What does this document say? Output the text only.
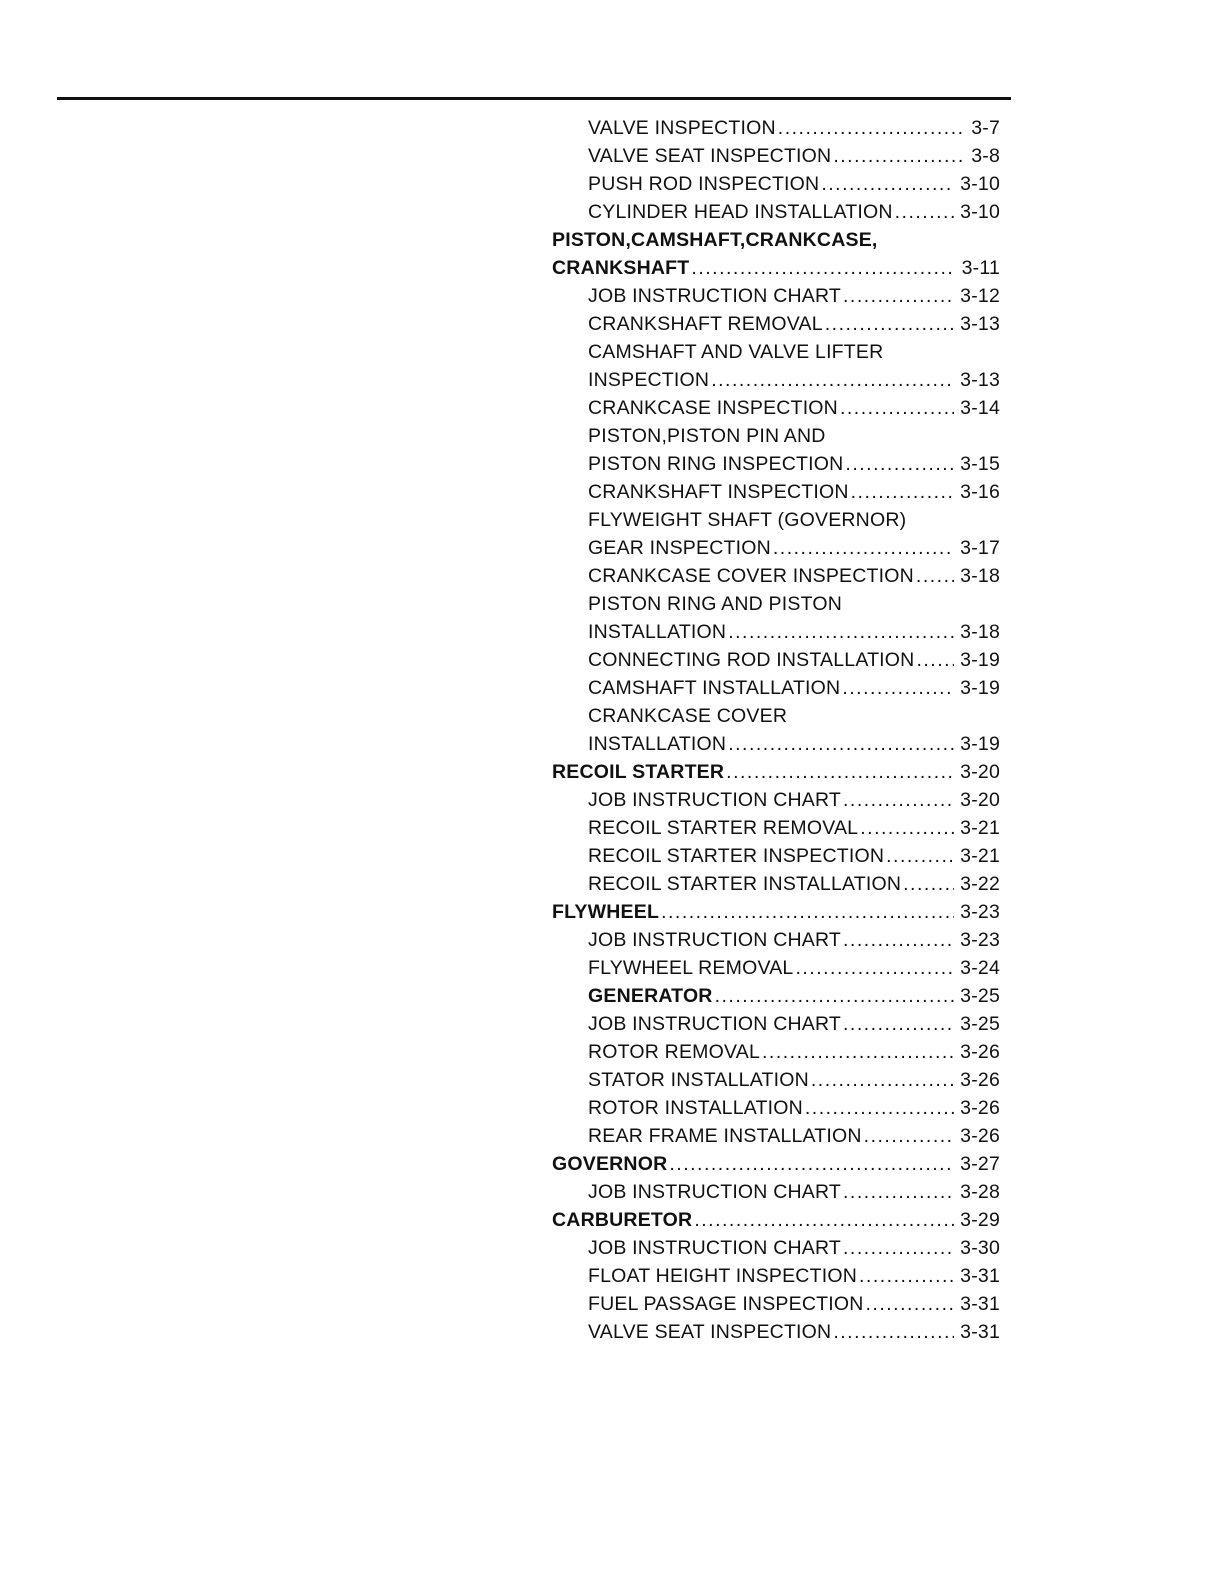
VALVE INSPECTION .....	3-7
VALVE SEAT INSPECTION .....	3-8
PUSH ROD INSPECTION .....	3-10
CYLINDER HEAD INSTALLATION .....	3-10
PISTON,CAMSHAFT,CRANKCASE,
CRANKSHAFT .....	3-11
JOB INSTRUCTION CHART .....	3-12
CRANKSHAFT REMOVAL .....	3-13
CAMSHAFT AND VALVE LIFTER
INSPECTION .....	3-13
CRANKCASE INSPECTION .....	3-14
PISTON,PISTON PIN AND
PISTON RING INSPECTION .....	3-15
CRANKSHAFT INSPECTION .....	3-16
FLYWEIGHT SHAFT (GOVERNOR)
GEAR INSPECTION .....	3-17
CRANKCASE COVER INSPECTION ..... 3-18
PISTON RING AND PISTON
INSTALLATION .....	3-18
CONNECTING ROD INSTALLATION ..... 3-19
CAMSHAFT INSTALLATION .....	3-19
CRANKCASE COVER
INSTALLATION .....	3-19
RECOIL STARTER .....	3-20
JOB INSTRUCTION CHART .....	3-20
RECOIL STARTER REMOVAL .....	3-21
RECOIL STARTER INSPECTION .....	3-21
RECOIL STARTER INSTALLATION .....	3-22
FLYWHEEL .....	3-23
JOB INSTRUCTION CHART .....	3-23
FLYWHEEL REMOVAL .....	3-24
GENERATOR .....	3-25
JOB INSTRUCTION CHART .....	3-25
ROTOR REMOVAL .....	3-26
STATOR INSTALLATION .....	3-26
ROTOR INSTALLATION .....	3-26
REAR FRAME INSTALLATION .....	3-26
GOVERNOR .....	3-27
JOB INSTRUCTION CHART .....	3-28
CARBURETOR .....	3-29
JOB INSTRUCTION CHART .....	3-30
FLOAT HEIGHT INSPECTION .....	3-31
FUEL PASSAGE INSPECTION .....	3-31
VALVE SEAT INSPECTION .....	3-31
